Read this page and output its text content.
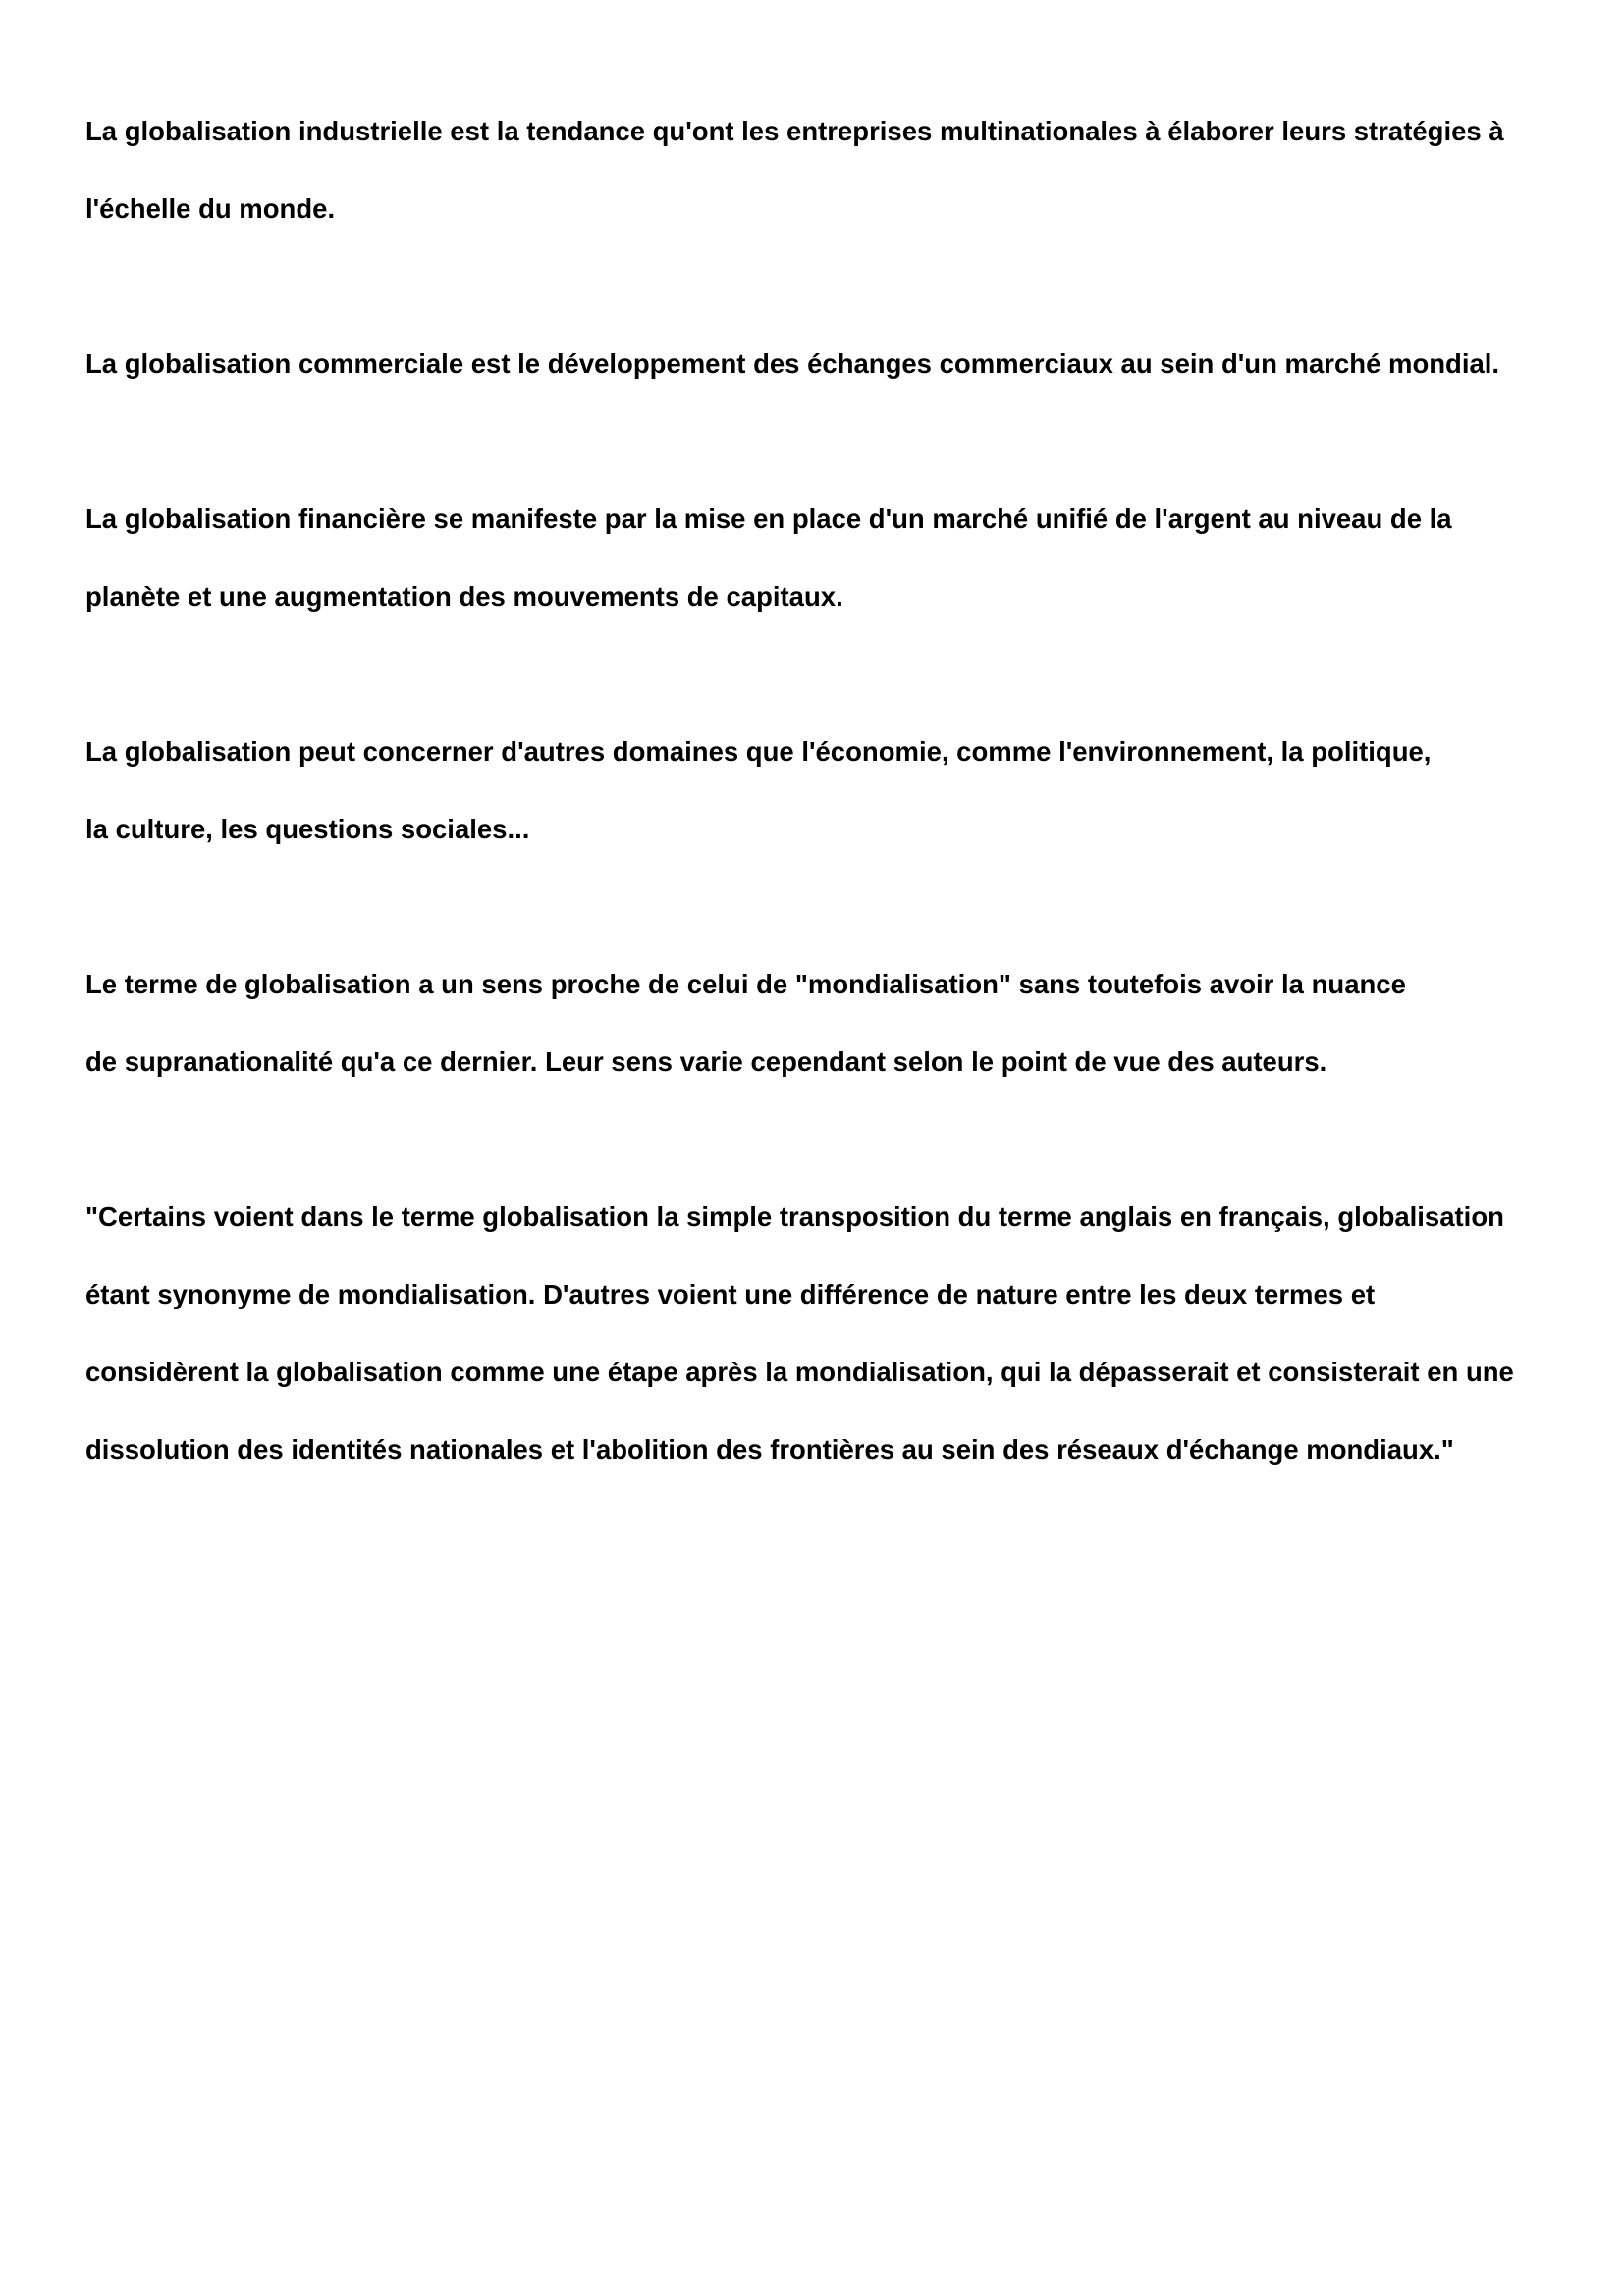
La globalisation industrielle est la tendance qu'ont les entreprises multinationales à élaborer leurs stratégies à
l'échelle du monde.

La globalisation commerciale est le développement des échanges commerciaux au sein d'un marché mondial.

La globalisation financière se manifeste par la mise en place d'un marché unifié de l'argent au niveau de la
planète et une augmentation des mouvements de capitaux.

La globalisation peut concerner d'autres domaines que l'économie, comme l'environnement, la politique,
la culture, les questions sociales...

Le terme de globalisation a un sens proche de celui de "mondialisation" sans toutefois avoir la nuance
de supranationalité qu'a ce dernier. Leur sens varie cependant selon le point de vue des auteurs.

"Certains voient dans le terme globalisation la simple transposition du terme anglais en français, globalisation
étant synonyme de mondialisation. D'autres voient une différence de nature entre les deux termes et
considèrent la globalisation comme une étape après la mondialisation, qui la dépasserait et consisterait en une
dissolution des identités nationales et l'abolition des frontières au sein des réseaux d'échange mondiaux."
